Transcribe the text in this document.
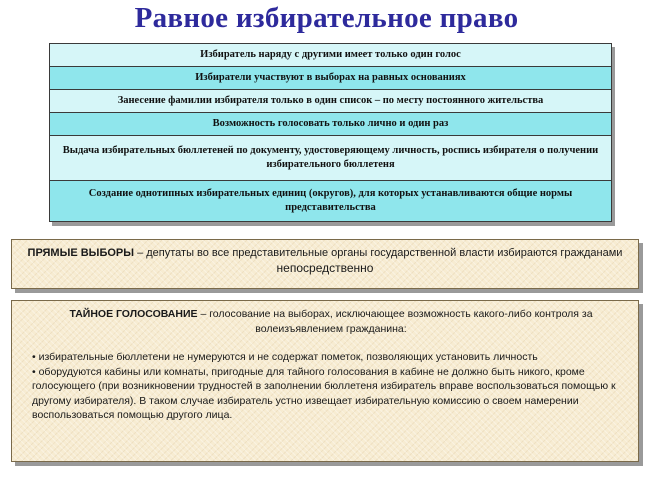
Равное избирательное право
Избиратель наряду с другими имеет только один голос
Избиратели участвуют в выборах на равных основаниях
Занесение фамилии избирателя только в один список – по месту постоянного жительства
Возможность голосовать только лично и один раз
Выдача избирательных бюллетеней по документу, удостоверяющему личность, роспись избирателя о получении избирательного бюллетеня
Создание однотипных избирательных единиц (округов), для которых устанавливаются общие нормы представительства
ПРЯМЫЕ ВЫБОРЫ – депутаты во все представительные органы государственной власти избираются гражданами непосредственно

ТАЙНОЕ ГОЛОСОВАНИЕ – голосование на выборах, исключающее возможность какого-либо контроля за волеизъявлением гражданина:

• избирательные бюллетени не нумеруются и не содержат пометок, позволяющих установить личность

• оборудуются кабины или комнаты, пригодные для тайного голосования в кабине не должно быть никого, кроме голосующего (при возникновении трудностей в заполнении бюллетеня избиратель вправе воспользоваться помощью к другому избирателя). В таком случае избиратель устно извещает избирательную комиссию о своем намерении воспользоваться помощью другого лица.
